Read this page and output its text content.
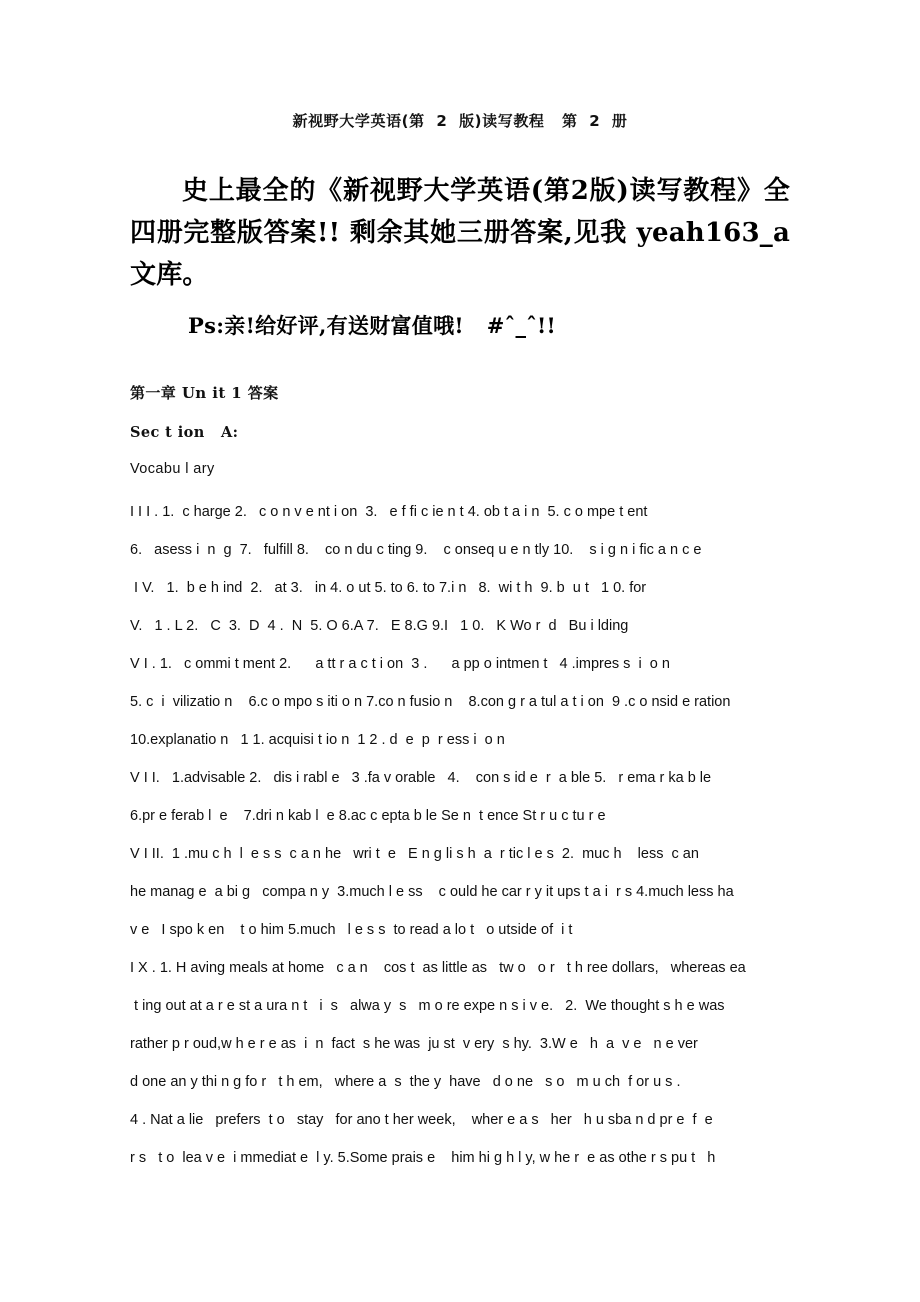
新视野大学英语(第  2  版)读写教程   第  2  册
史上最全的《新视野大学英语(第2版)读写教程》全四册完整版答案!! 剩余其她三册答案,见我 yeah163_a 文库。
Ps:亲!给好评,有送财富值哦!   #ˆ_ˆ!!
第一章 Un it 1 答案
Sec t ion   A:
Vocabu l ary
I I I . 1.  c harge 2.   c o n v e nt i on  3.   e f fi c ie n t 4. ob t a i n  5. c o mpe t ent
6.   asess i  n  g  7.   fulfill 8.    co n du c ting 9.    c onseq u e n tly 10.    s i g n i fic a n c e
I V.   1.  b e h ind  2.   at 3.   in 4. o ut 5. to 6. to 7.i n   8.  wi t h  9. b  u t   1 0. for
V.   1 . L 2.   C  3.  D  4 .  N  5. O 6.A 7.   E 8.G 9.I   1 0.   K Wo r  d   Bu i lding
V I . 1.   c ommi t ment 2.      a tt r a c t i on  3 .      a pp o intmen t   4 .impres s  i  o n
5. c  i  vilizatio n    6.c o mpo s iti o n 7.co n fusio n    8.con g r a tul a t i on  9 .c o nsid e ration
10.explanatio n   1 1. acquisi t io n  1 2 . d  e  p  r ess i  o n
V I I.   1.advisable 2.   dis i rabl e   3 .fa v orable   4.    con s id e  r  a ble 5.   r ema r ka b le
6.pr e ferab l  e    7.dri n kab l  e 8.ac c epta b le Se n  t ence St r u c tu r e
V I II.  1 .mu c h  l  e s s  c a n he   wri t  e   E n g li s h  a  r tic l e s  2.  muc h    less  c an
he manag e  a bi g   compa n y  3.much l e ss    c ould he car r y it ups t a i  r s 4.much less ha
v e   I spo k en    t o him 5.much   l e s s  to read a lo t   o utside of  i t
I X . 1. H aving meals at home   c a n    cos t  as little as   tw o   o r   t h ree dollars,   whereas ea
t ing out at a r e st a ura n t   i  s   alwa y  s   m o re expe n s i v e.   2.  We thought s h e was
rather p r oud,w h e r e as  i  n  fact  s he was  ju st  v ery  s hy.  3.W e   h  a  v e   n e ver
d one an y thi n g fo r   t h em,   where a  s  the y  have   d o ne   s o   m u ch  f or u s .
4 . Nat a lie   prefers  t o   stay   for ano t her week,    wher e a s   her   h u sba n d pr e  f  e
r s   t o  lea v e  i mmediat e  l y. 5.Some prais e    him hi g h l y, w he r  e as othe r s pu t   h
